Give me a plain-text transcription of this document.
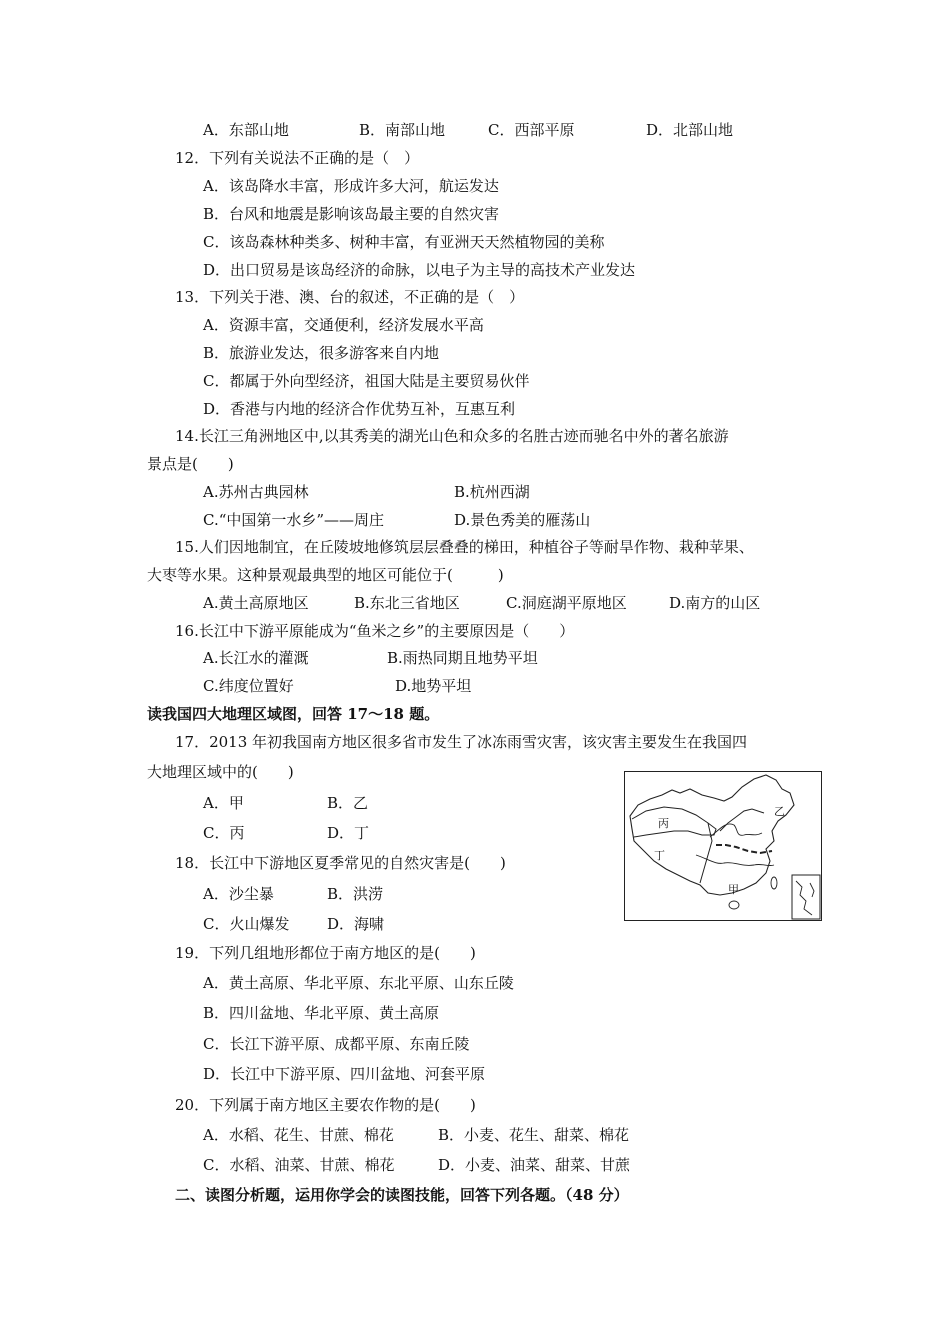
A．东部山地	B．南部山地	C．西部平原	D．北部山地
12．下列有关说法不正确的是（　）
A．该岛降水丰富，形成许多大河，航运发达
B．台风和地震是影响该岛最主要的自然灾害
C．该岛森林种类多、树种丰富，有亚洲天天然植物园的美称
D．出口贸易是该岛经济的命脉，以电子为主导的高技术产业发达
13．下列关于港、澳、台的叙述，不正确的是（　）
A．资源丰富，交通便利，经济发展水平高
B．旅游业发达，很多游客来自内地
C．都属于外向型经济，祖国大陆是主要贸易伙伴
D．香港与内地的经济合作优势互补，互惠互利
14.长江三角洲地区中,以其秀美的湖光山色和众多的名胜古迹而驰名中外的著名旅游
景点是(　　)
A.苏州古典园林	B.杭州西湖
C.“中国第一水乡”——周庄	D.景色秀美的雁荡山
15.人们因地制宜，在丘陵坡地修筑层层叠叠的梯田，种植谷子等耐旱作物、栽种苹果、
大枣等水果。这种景观最典型的地区可能位于(　　　)
A.黄土高原地区	B.东北三省地区	C.洞庭湖平原地区	D.南方的山区
16.长江中下游平原能成为“鱼米之乡”的主要原因是（　　）
A.长江水的灌溉	B.雨热同期且地势平坦
C.纬度位置好	D.地势平坦
读我国四大地理区域图，回答 17～18 题。
17．2013 年初我国南方地区很多省市发生了冰冻雨雪灾害，该灾害主要发生在我国四
大地理区域中的(　　)
A．甲	B．乙
C．丙	D．丁
丙
乙
丁
甲
18．长江中下游地区夏季常见的自然灾害是(　　)
A．沙尘暴	B．洪涝
C．火山爆发	D．海啸
19．下列几组地形都位于南方地区的是(　　)
A．黄土高原、华北平原、东北平原、山东丘陵
B．四川盆地、华北平原、黄土高原
C．长江下游平原、成都平原、东南丘陵
D．长江中下游平原、四川盆地、河套平原
20．下列属于南方地区主要农作物的是(　　)
A．水稻、花生、甘蔗、棉花	B．小麦、花生、甜菜、棉花
C．水稻、油菜、甘蔗、棉花	D．小麦、油菜、甜菜、甘蔗
二、读图分析题，运用你学会的读图技能，回答下列各题。（48 分）
